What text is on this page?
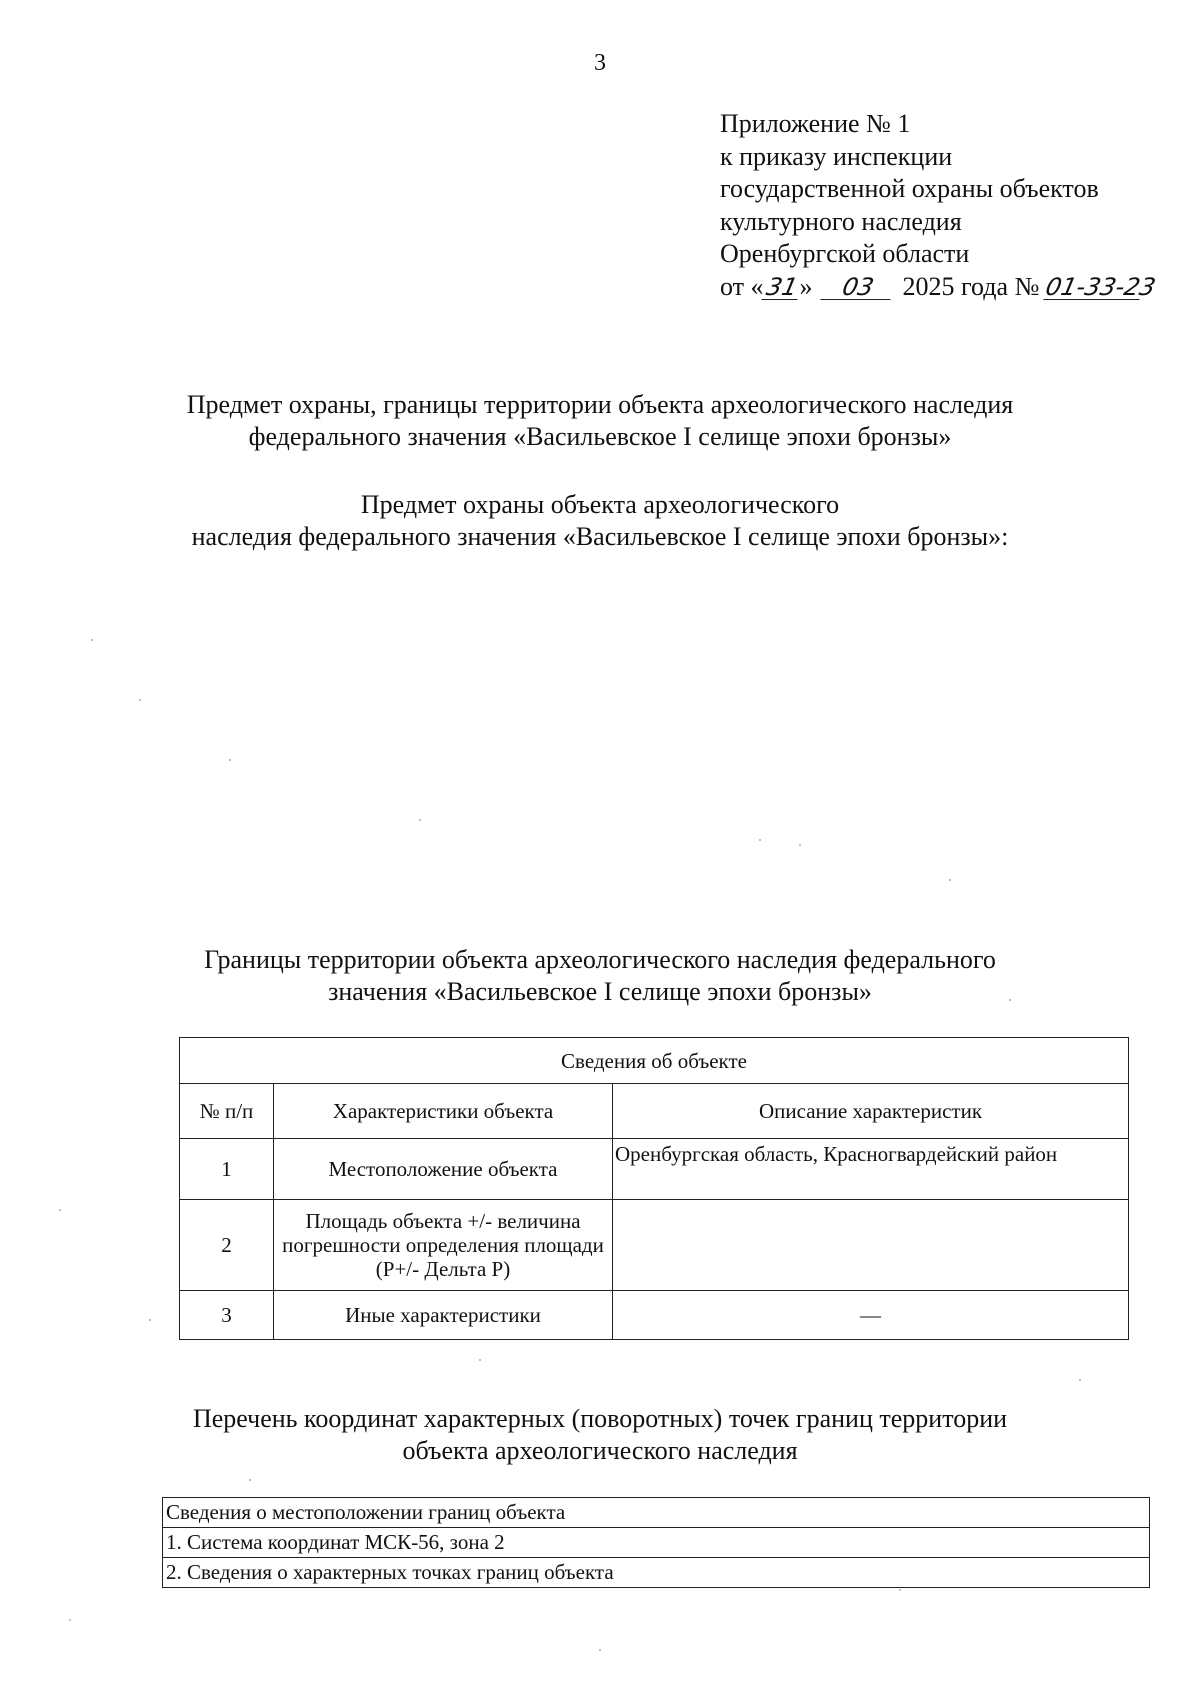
3
Приложение № 1
к приказу инспекции
государственной охраны объектов
культурного наследия
Оренбургской области
от «31» 03 2025 года № 01-33-23
Предмет охраны, границы территории объекта археологического наследия
федерального значения «Васильевское I селище эпохи бронзы»
Предмет охраны объекта археологического
наследия федерального значения «Васильевское I селище эпохи бронзы»:
Границы территории объекта археологического наследия федерального
значения «Васильевское I селище эпохи бронзы»
Сведения об объекте		
№ п/п	Характеристики объекта	Описание характеристик
1	Местоположение объекта	Оренбургская область, Красногвардейский район
2	Площадь объекта +/- величина погрешности определения площади (P+/- Дельта P)	
3	Иные характеристики	—
Перечень координат характерных (поворотных) точек границ территории
объекта археологического наследия
Сведения о местоположении границ объекта
1. Система координат МСК-56, зона 2
2. Сведения о характерных точках границ объекта
